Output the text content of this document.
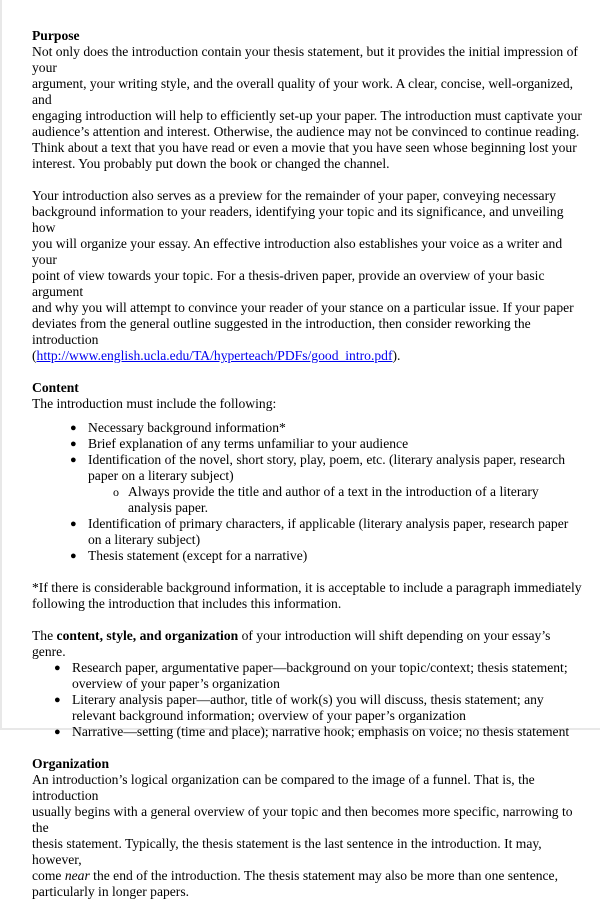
Purpose

Not only does the introduction contain your thesis statement, but it provides the initial impression of your
argument, your writing style, and the overall quality of your work. A clear, concise, well-organized, and
engaging introduction will help to efficiently set-up your paper. The introduction must captivate your
audience’s attention and interest. Otherwise, the audience may not be convinced to continue reading.
Think about a text that you have read or even a movie that you have seen whose beginning lost your
interest. You probably put down the book or changed the channel.
Your introduction also serves as a preview for the remainder of your paper, conveying necessary
background information to your readers, identifying your topic and its significance, and unveiling how
you will organize your essay. An effective introduction also establishes your voice as a writer and your
point of view towards your topic. For a thesis-driven paper, provide an overview of your basic argument
and why you will attempt to convince your reader of your stance on a particular issue. If your paper
deviates from the general outline suggested in the introduction, then consider reworking the introduction
(http://www.english.ucla.edu/TA/hyperteach/PDFs/good_intro.pdf).

Content

The introduction must include the following:

● Necessary background information*
● Brief explanation of any terms unfamiliar to your audience
● Identification of the novel, short story, play, poem, etc. (literary analysis paper, research
paper on a literary subject)
o Always provide the title and author of a text in the introduction of a literary
analysis paper.
● Identification of primary characters, if applicable (literary analysis paper, research paper
on a literary subject)
● Thesis statement (except for a narrative)
*If there is considerable background information, it is acceptable to include a paragraph immediately
following the introduction that includes this information.
The content, style, and organization of your introduction will shift depending on your essay’s genre.
● Research paper, argumentative paper—background on your topic/context; thesis statement;
overview of your paper’s organization
● Literary analysis paper—author, title of work(s) you will discuss, thesis statement; any
relevant background information; overview of your paper’s organization
● Narrative—setting (time and place); narrative hook; emphasis on voice; no thesis statement

Organization

An introduction’s logical organization can be compared to the image of a funnel. That is, the introduction
usually begins with a general overview of your topic and then becomes more specific, narrowing to the
thesis statement. Typically, the thesis statement is the last sentence in the introduction. It may, however,
come near the end of the introduction. The thesis statement may also be more than one sentence,
particularly in longer papers.
